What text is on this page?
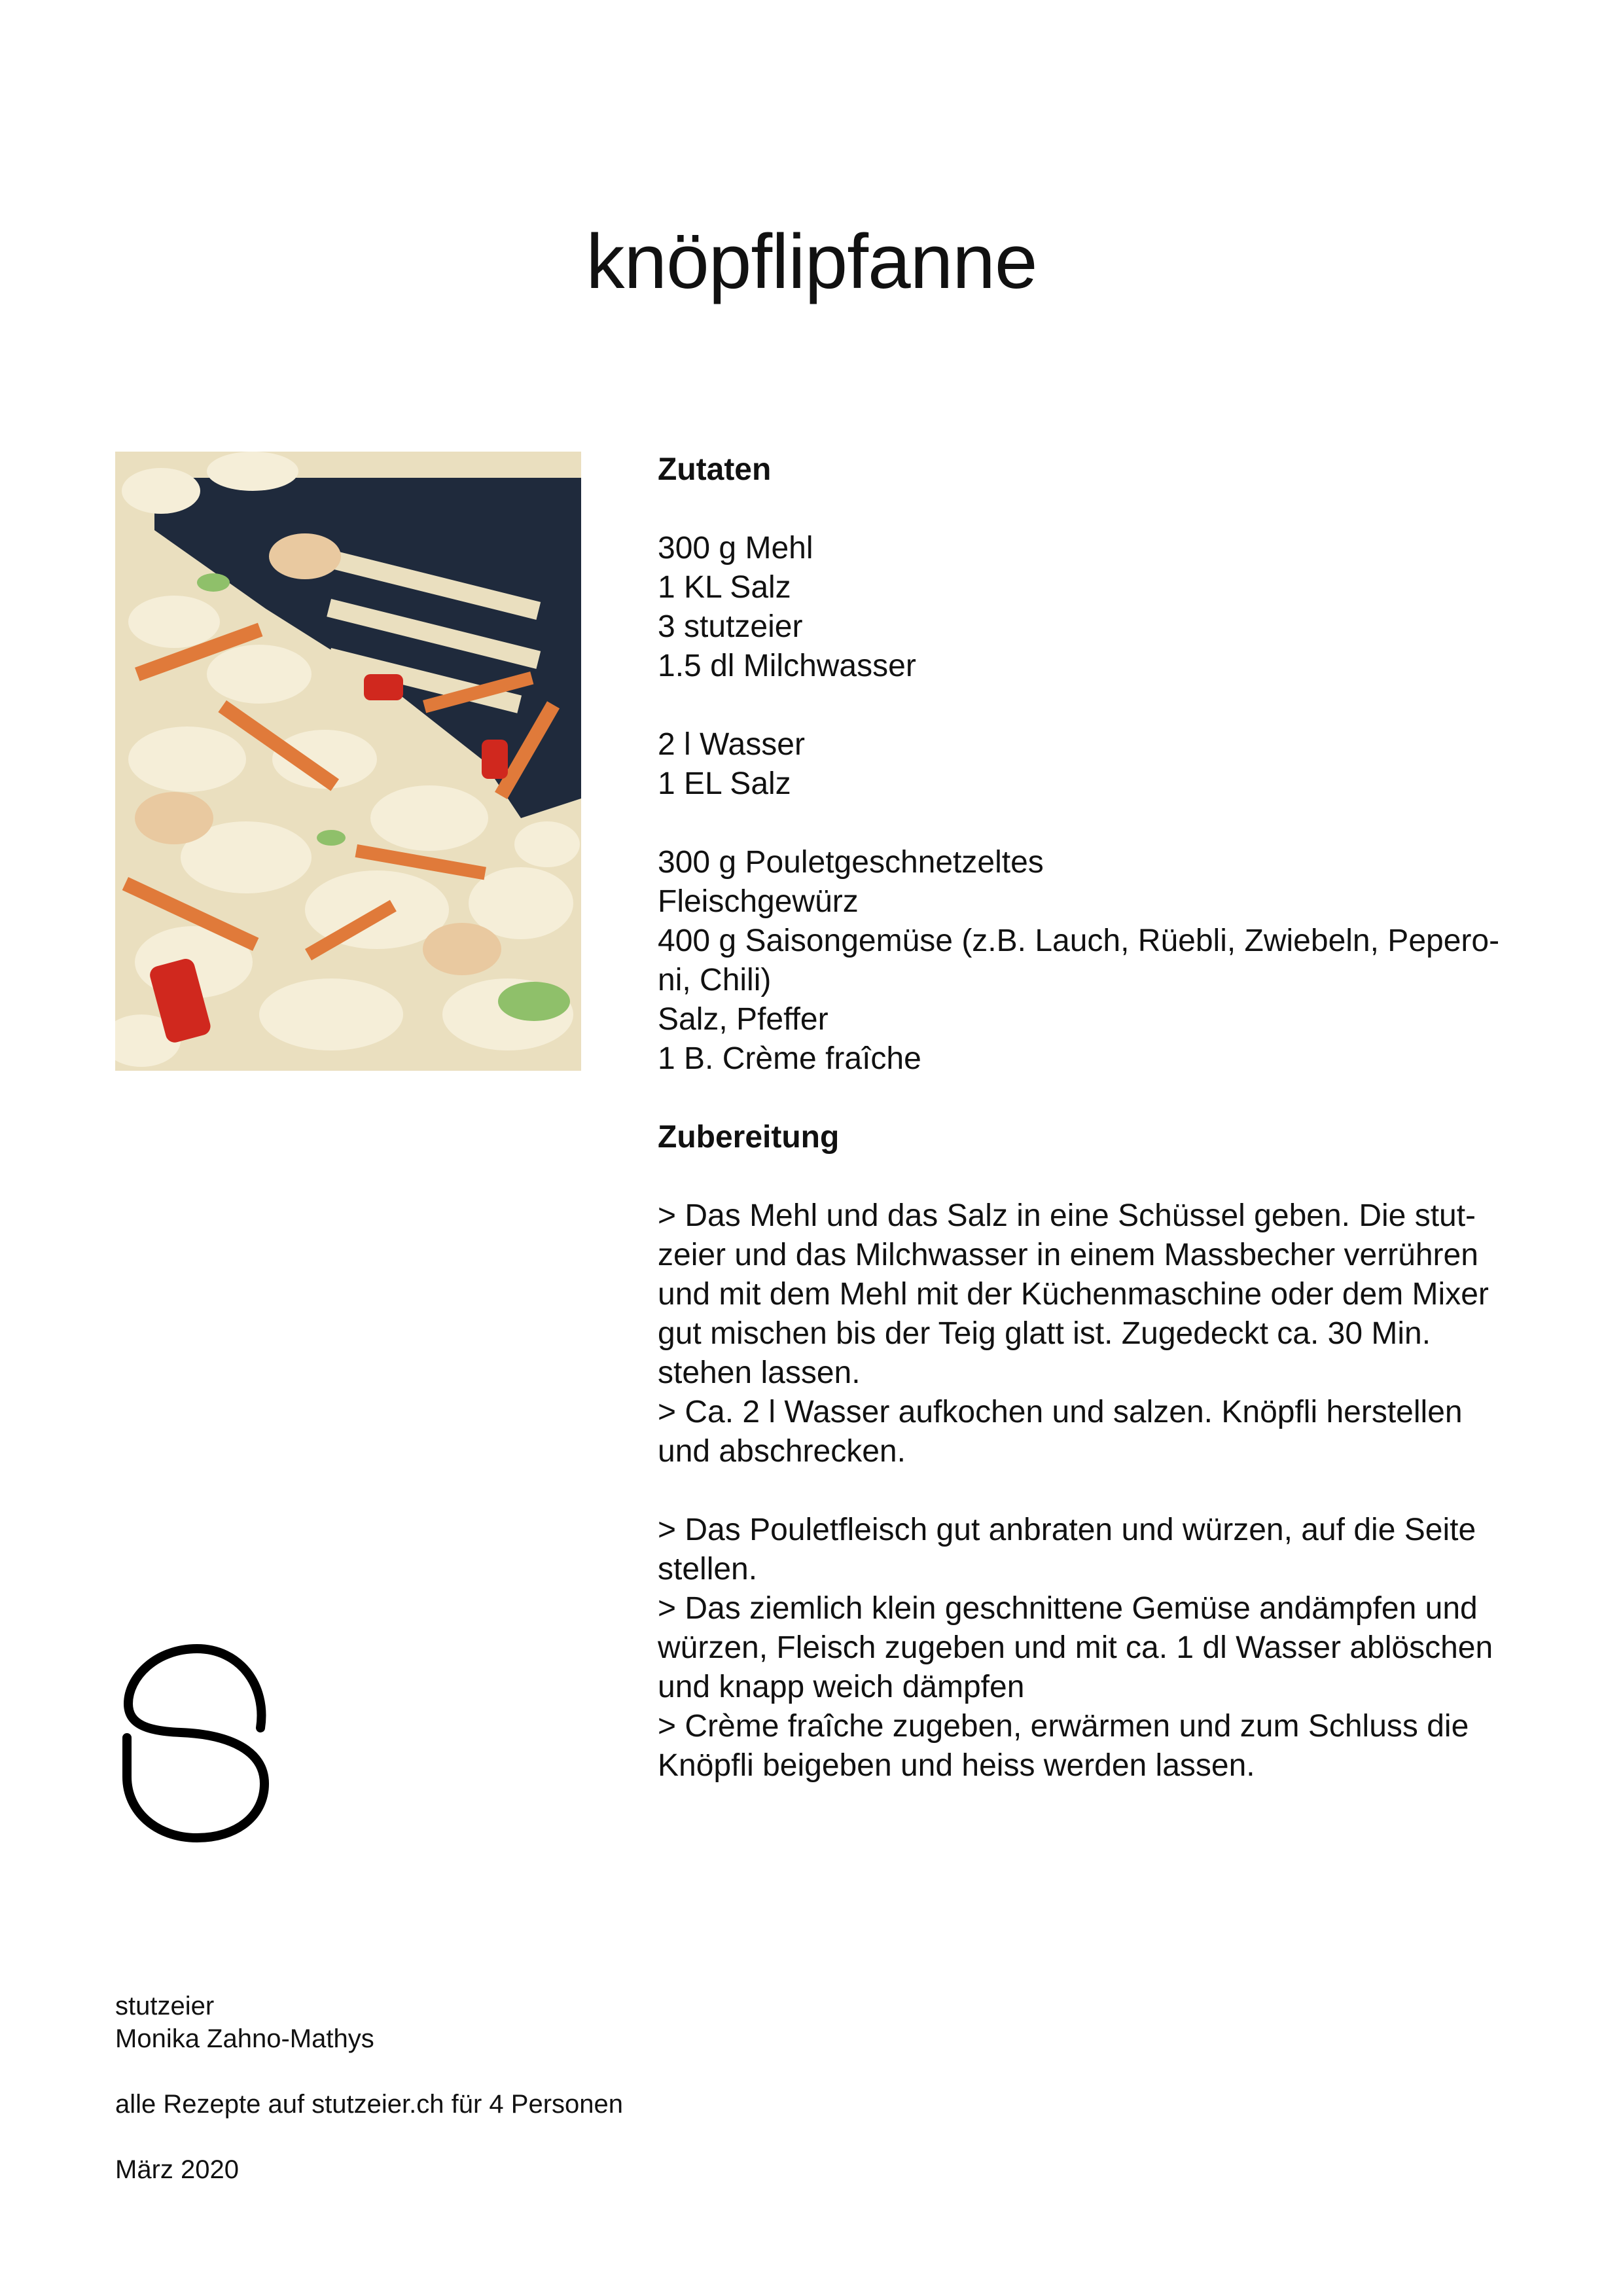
knöpflipfanne
Zutaten
300 g Mehl
1 KL Salz
3 stutzeier
1.5 dl Milchwasser
2 l Wasser
1 EL Salz
300 g Pouletgeschnetzeltes
Fleischgewürz
400 g Saisongemüse (z.B. Lauch, Rüebli, Zwiebeln, Pepero-
ni, Chili)
Salz, Pfeffer
1 B. Crème fraîche
Zubereitung
> Das Mehl und das Salz in eine Schüssel geben. Die stut-
zeier und das Milchwasser in einem Massbecher verrühren
und mit dem Mehl mit der Küchenmaschine oder dem Mixer
gut mischen bis der Teig glatt ist. Zugedeckt ca. 30 Min.
stehen lassen.
> Ca. 2 l Wasser aufkochen und salzen. Knöpfli herstellen
und abschrecken.
> Das Pouletfleisch gut anbraten und würzen, auf die Seite
stellen.
> Das ziemlich klein geschnittene Gemüse andämpfen und
würzen, Fleisch zugeben und mit ca. 1 dl Wasser ablöschen
und knapp weich dämpfen
> Crème fraîche zugeben, erwärmen und zum Schluss die
Knöpfli beigeben und heiss werden lassen.
stutzeier
Monika Zahno-Mathys
alle Rezepte auf stutzeier.ch für 4 Personen
März 2020
